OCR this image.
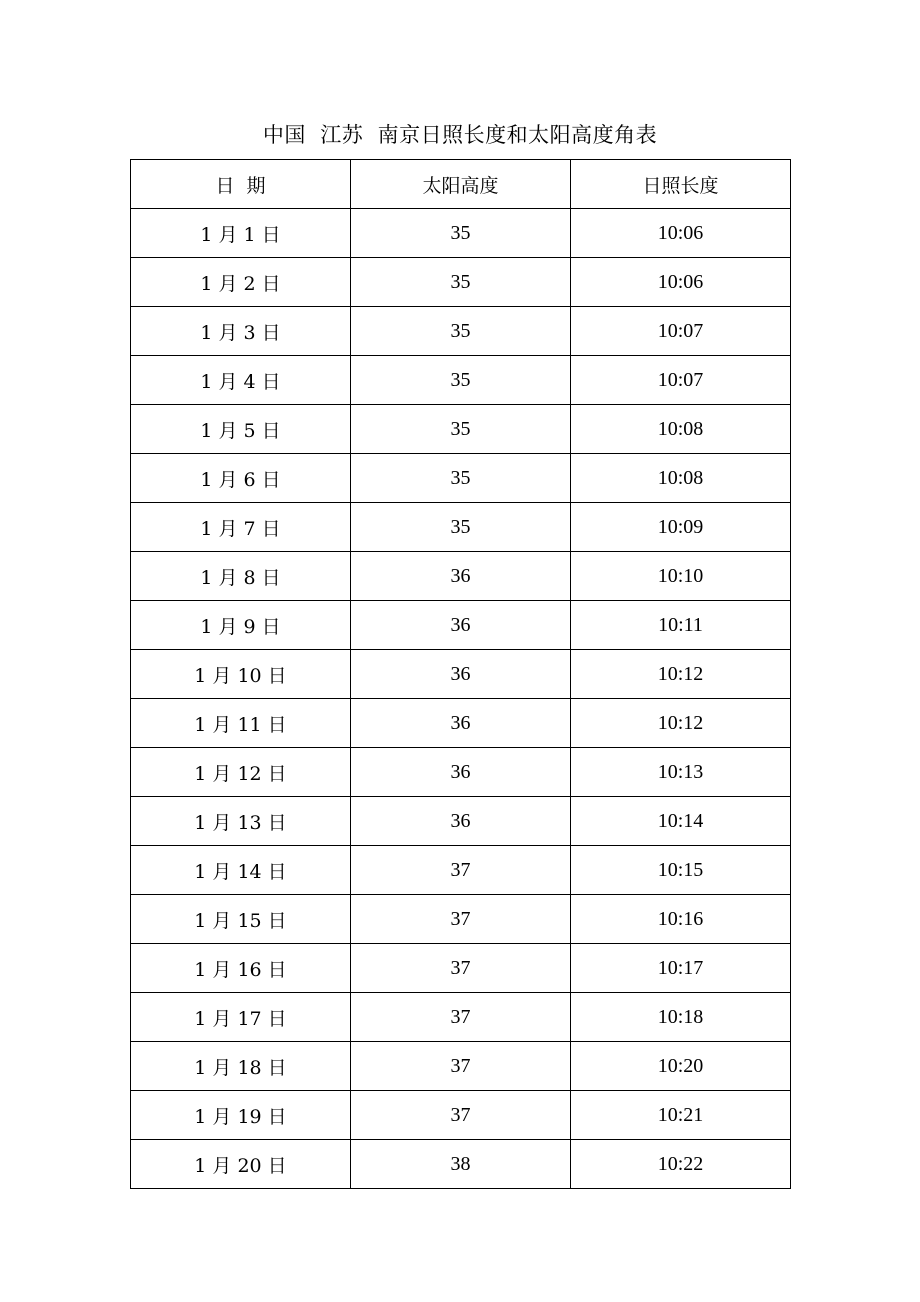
中国  江苏  南京日照长度和太阳高度角表
日  期	太阳高度	日照长度
1 月 1 日	35	10:06
1 月 2 日	35	10:06
1 月 3 日	35	10:07
1 月 4 日	35	10:07
1 月 5 日	35	10:08
1 月 6 日	35	10:08
1 月 7 日	35	10:09
1 月 8 日	36	10:10
1 月 9 日	36	10:11
1 月 10 日	36	10:12
1 月 11 日	36	10:12
1 月 12 日	36	10:13
1 月 13 日	36	10:14
1 月 14 日	37	10:15
1 月 15 日	37	10:16
1 月 16 日	37	10:17
1 月 17 日	37	10:18
1 月 18 日	37	10:20
1 月 19 日	37	10:21
1 月 20 日	38	10:22
